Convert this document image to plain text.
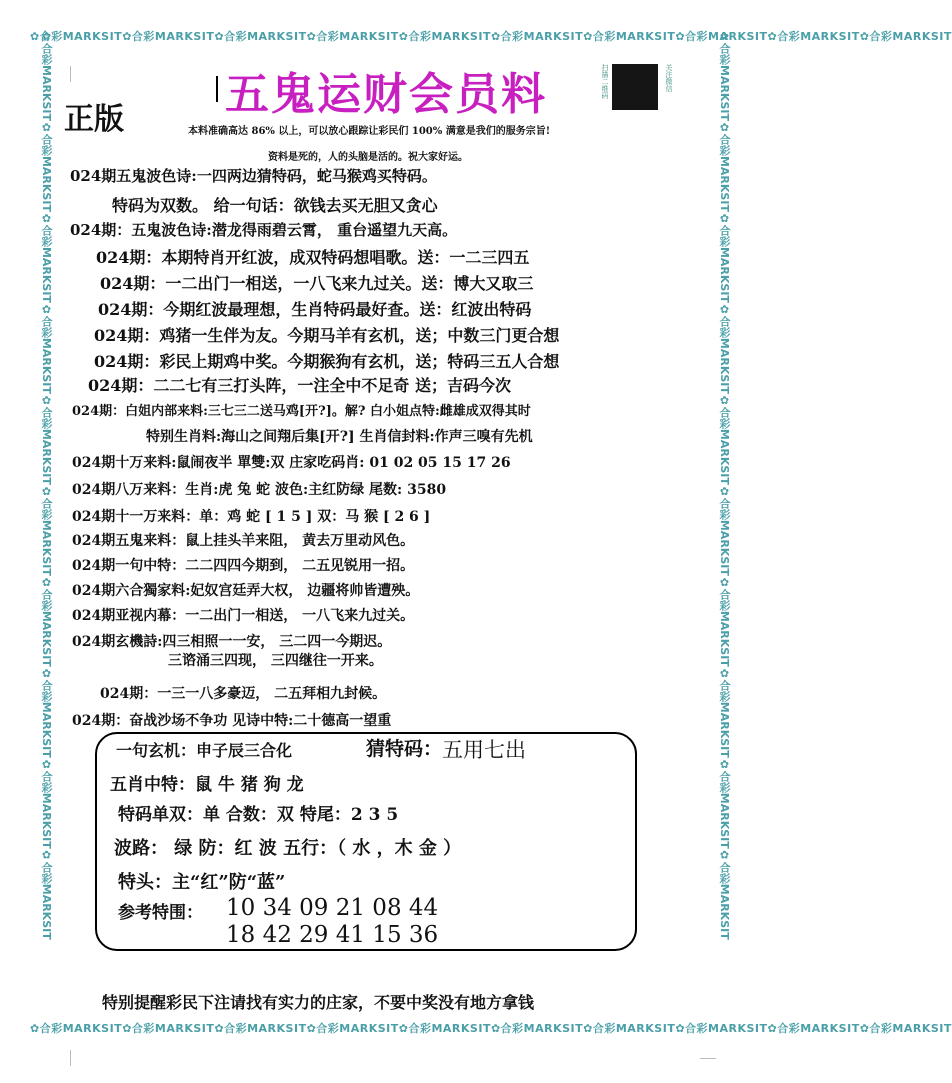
✿合彩MARKSIT✿合彩MARKSIT✿合彩MARKSIT✿合彩MARKSIT✿合彩MARKSIT✿合彩MARKSIT✿合彩MARKSIT✿合彩MARKSIT✿合彩MARKSIT✿合彩MARKSIT
✿合彩MARKSIT✿合彩MARKSIT✿合彩MARKSIT✿合彩MARKSIT✿合彩MARKSIT✿合彩MARKSIT✿合彩MARKSIT✿合彩MARKSIT✿合彩MARKSIT✿合彩MARKSIT
✿合彩MARKSIT✿合彩MARKSIT✿合彩MARKSIT✿合彩MARKSIT✿合彩MARKSIT✿合彩MARKSIT✿合彩MARKSIT✿合彩MARKSIT✿合彩MARKSIT✿合彩MARKSIT	✿合彩MARKSIT✿合彩MARKSIT✿合彩MARKSIT✿合彩MARKSIT✿合彩MARKSIT✿合彩MARKSIT✿合彩MARKSIT✿合彩MARKSIT✿合彩MARKSIT✿合彩MARKSIT
五鬼运财会员料
正版
扫描二维码	关注微信
本料准确高达 86% 以上，可以放心跟踪让彩民们 100% 满意是我们的服务宗旨!
资料是死的，人的头脑是活的。祝大家好运。
024期五鬼波色诗:一四两边猜特码，蛇马猴鸡买特码。
特码为双数。 给一句话：欲钱去买无胆又贪心
024期：五鬼波色诗:潜龙得雨碧云霄， 重台遥望九天高。
024期：本期特肖开红波，成双特码想唱歌。送：一二三四五
024期：一二出门一相送，一八飞来九过关。送：博大又取三
024期：今期红波最理想，生肖特码最好查。送：红波出特码
024期：鸡猪一生伴为友。今期马羊有玄机，送；中数三门更合想
024期：彩民上期鸡中奖。今期猴狗有玄机，送；特码三五人合想
024期：二二七有三打头阵，一注全中不足奇 送；吉码今次
024期：白姐内部来料:三七三二送马鸡[开?]。解? 白小姐点特:雌雄成双得其时
特别生肖料:海山之间翔后集[开?] 生肖信封料:作声三嗅有先机
024期十万来料:鼠闹夜半 單雙:双 庄家吃码肖: 01 02 05 15 17 26
024期八万来料：生肖:虎 兔 蛇 波色:主红防绿 尾数: 3580
024期十一万来料：单：鸡 蛇 [ 1 5 ] 双：马 猴 [ 2 6 ]
024期五鬼来料：鼠上挂头羊来阻， 黄去万里动风色。
024期一句中特：二二四四今期到， 二五见锐用一招。
024期六合獨家料:妃奴宫廷弄大权， 边疆将帅皆遭殃。
024期亚视内幕：一二出门一相送， 一八飞来九过关。
024期玄機詩:四三相照一一安， 三二四一今期迟。
三谘涌三四现， 三四继往一开来。
024期：一三一八多豪迈， 二五拜相九封候。
024期：奋战沙场不争功 见诗中特:二十德高一望重
一句玄机：申子辰三合化	猜特码： 五用七出
五肖中特：鼠 牛 猪 狗 龙
特码单双：单 合数：双 特尾：2 3 5
波路： 绿 防：红 波 五行：（ 水 ，木 金 ）
特头：主“红”防“蓝”
参考特围： 10 34 09 21 08 44
18 42 29 41 15 36
特别提醒彩民下注请找有实力的庄家，不要中奖没有地方拿钱
